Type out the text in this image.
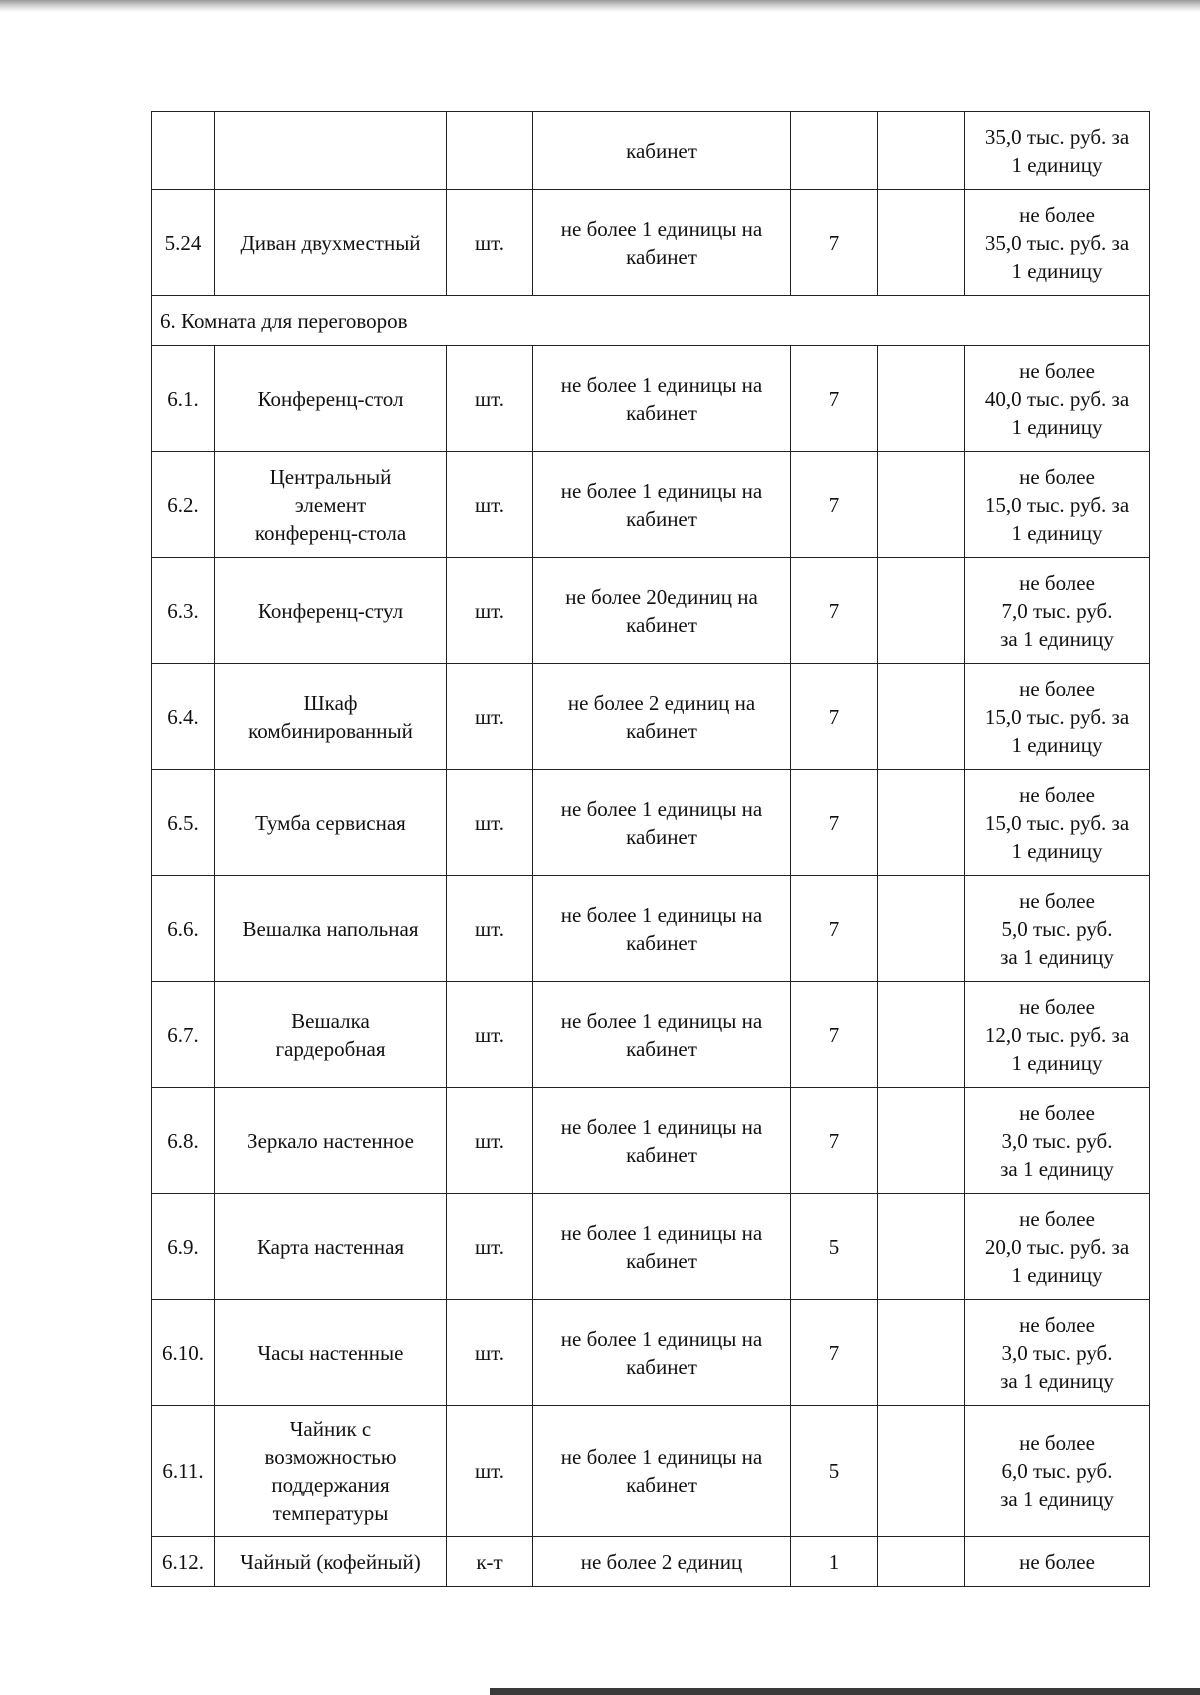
			кабинет			35,0 тыс. руб. за
1 единицу
5.24	Диван двухместный	шт.	не более 1 единицы на
кабинет	7		не более
35,0 тыс. руб. за
1 единицу
6. Комната для переговоров						
6.1.	Конференц-стол	шт.	не более 1 единицы на
кабинет	7		не более
40,0 тыс. руб. за
1 единицу
6.2.	Центральный
элемент
конференц-стола	шт.	не более 1 единицы на
кабинет	7		не более
15,0 тыс. руб. за
1 единицу
6.3.	Конференц-стул	шт.	не более 20единиц на
кабинет	7		не более
7,0 тыс. руб.
за 1 единицу
6.4.	Шкаф
комбинированный	шт.	не более 2 единиц на
кабинет	7		не более
15,0 тыс. руб. за
1 единицу
6.5.	Тумба сервисная	шт.	не более 1 единицы на
кабинет	7		не более
15,0 тыс. руб. за
1 единицу
6.6.	Вешалка напольная	шт.	не более 1 единицы на
кабинет	7		не более
5,0 тыс. руб.
за 1 единицу
6.7.	Вешалка
гардеробная	шт.	не более 1 единицы на
кабинет	7		не более
12,0 тыс. руб. за
1 единицу
6.8.	Зеркало настенное	шт.	не более 1 единицы на
кабинет	7		не более
3,0 тыс. руб.
за 1 единицу
6.9.	Карта настенная	шт.	не более 1 единицы на
кабинет	5		не более
20,0 тыс. руб. за
1 единицу
6.10.	Часы настенные	шт.	не более 1 единицы на
кабинет	7		не более
3,0 тыс. руб.
за 1 единицу
6.11.	Чайник с
возможностью
поддержания
температуры	шт.	не более 1 единицы на
кабинет	5		не более
6,0 тыс. руб.
за 1 единицу
6.12.	Чайный (кофейный)	к-т	не более 2 единиц	1		не более
